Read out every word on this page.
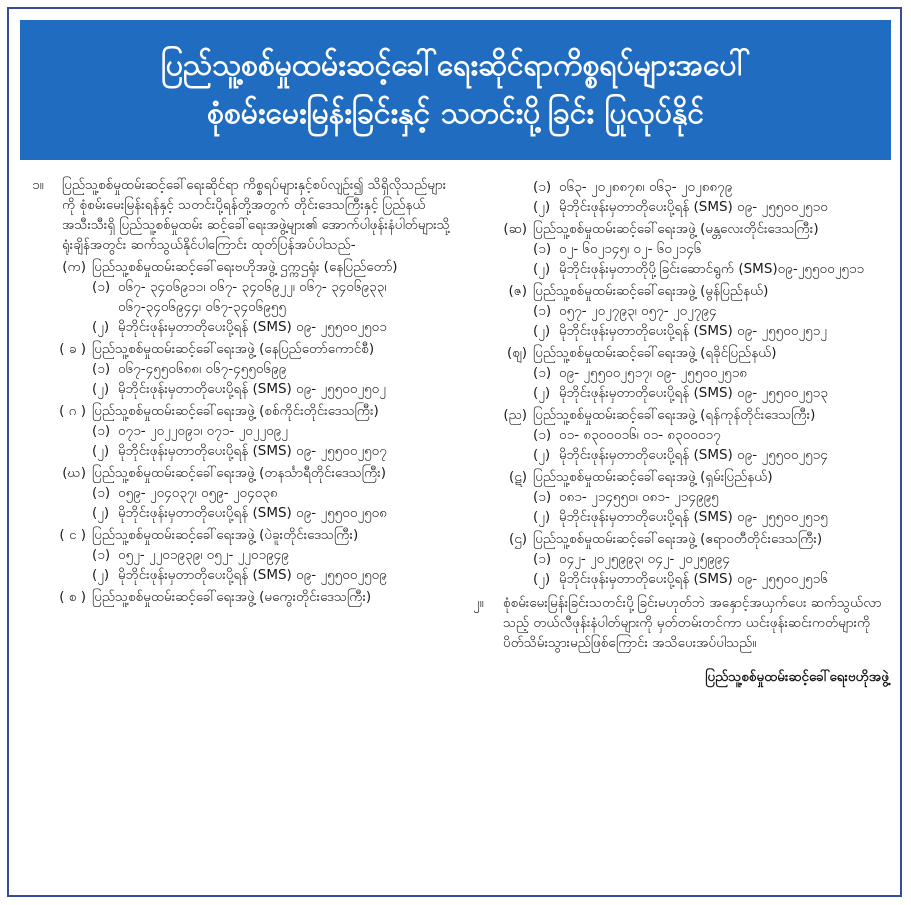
ပြည်သူ့စစ်မှုထမ်းဆင့်ခေါ်ရေးဆိုင်ရာကိစ္စရပ်များအပေါ်
စုံစမ်းမေးမြန်းခြင်းနှင့် သတင်းပို့ခြင်း ပြုလုပ်နိုင်
၁။ ပြည်သူ့စစ်မှုထမ်းဆင့်ခေါ်ရေးဆိုင်ရာ ကိစ္စရပ်များနှင့်စပ်လျဉ်း၍ သိရှိလိုသည်များကို စုံစမ်းမေးမြန်းရန်နှင့် သတင်းပို့ရန်တို့အတွက် တိုင်းဒေသကြီးနှင့် ပြည်နယ်အသီးသီးရှိ ပြည်သူ့စစ်မှုထမ်း ဆင့်ခေါ်ရေးအဖွဲ့များ၏ အောက်ပါဖုန်းနံပါတ်များသို့ ရုံးချိန်အတွင်း ဆက်သွယ်နိုင်ပါကြောင်း ထုတ်ပြန်အပ်ပါသည်-
(က) ပြည်သူ့စစ်မှုထမ်းဆင့်ခေါ်ရေးဗဟိုအဖွဲ့ ဌက္ကဌရုံး (နေပြည်တော်)
(၁) ၀၆၇- ၃၄၀၆၉၁၁၊ ၀၆၇- ၃၄၀၆၉၂၂၊ ၀၆၇- ၃၄၀၆၉၃၃၊ ၀၆၇-၃၄၀၆၉၄၄၊ ၀၆၇-၃၄၀၆၉၅၅
(၂) မိုဘိုင်းဖုန်းမှတာတိုပေးပို့ရန် (SMS) ၀၉- ၂၅၅၀၀၂၅၀၁
( ခ ) ပြည်သူ့စစ်မှုထမ်းဆင့်ခေါ်ရေးအဖွဲ့ (နေပြည်တော်ကောင်စီ)
(၁) ၀၆၇-၄၅၅၀၆၈၈၊ ၀၆၇-၄၅၅၀၆၉၉
(၂) မိုဘိုင်းဖုန်းမှတာတိုပေးပို့ရန် (SMS) ၀၉- ၂၅၅၀၀၂၅၀၂
( ဂ ) ပြည်သူ့စစ်မှုထမ်းဆင့်ခေါ်ရေးအဖွဲ့ (စစ်ကိုင်းတိုင်းဒေသကြီး)
(၁) ၀၇၁- ၂၀၂၂၀၉၁၊ ၀၇၁- ၂၀၂၂၀၉၂
(၂) မိုဘိုင်းဖုန်းမှတာတိုပေးပို့ရန် (SMS) ၀၉- ၂၅၅၀၀၂၅၀၇
(ဃ) ပြည်သူ့စစ်မှုထမ်းဆင့်ခေါ်ရေးအဖွဲ့ (တနင်္သာရီတိုင်းဒေသကြီး)
(၁) ၀၅၉- ၂၀၄၀၃၇၊ ၀၅၉- ၂၀၄၀၃၈
(၂) မိုဘိုင်းဖုန်းမှတာတိုပေးပို့ရန် (SMS) ၀၉- ၂၅၅၀၀၂၅၀၈
( င ) ပြည်သူ့စစ်မှုထမ်းဆင့်ခေါ်ရေးအဖွဲ့ (ပဲခူးတိုင်းဒေသကြီး)
(၁) ၀၅၂- ၂၂၀၁၉၃၉၊ ၀၅၂- ၂၂၀၁၉၄၉
(၂) မိုဘိုင်းဖုန်းမှတာတိုပေးပို့ရန် (SMS) ၀၉- ၂၅၅၀၀၂၅၀၉
( စ ) ပြည်သူ့စစ်မှုထမ်းဆင့်ခေါ်ရေးအဖွဲ့ (မကွေးတိုင်းဒေသကြီး)
(၁) ၀၆၃- ၂၀၂၈၈၇၈၊ ၀၆၃- ၂၀၂၈၈၇၉
(၂) မိုဘိုင်းဖုန်းမှတာတိုပေးပို့ရန် (SMS) ၀၉- ၂၅၅၀၀၂၅၁၀
(ဆ) ပြည်သူ့စစ်မှုထမ်းဆင့်ခေါ်ရေးအဖွဲ့ (မန္တလေးတိုင်းဒေသကြီး)
(၁) ၀၂- ၆၀၂၁၄၅၊ ၀၂- ၆၀၂၁၄၆
(၂) မိုဘိုင်းဖုန်းမှတာတိုပို့ခြင်းဆောင်ရွက် (SMS)၀၉-၂၅၅၀၀၂၅၁၁
(ဇ) ပြည်သူ့စစ်မှုထမ်းဆင့်ခေါ်ရေးအဖွဲ့ (မွန်ပြည်နယ်)
(၁) ၀၅၇- ၂၀၂၇၉၃၊ ၀၅၇- ၂၀၂၇၉၄
(၂) မိုဘိုင်းဖုန်းမှတာတိုပေးပို့ရန် (SMS) ၀၉- ၂၅၅၀၀၂၅၁၂
(ဈ) ပြည်သူ့စစ်မှုထမ်းဆင့်ခေါ်ရေးအဖွဲ့ (ရခိုင်ပြည်နယ်)
(၁) ၀၉- ၂၅၅၀၀၂၅၁၇၊ ၀၉- ၂၅၅၀၀၂၅၁၈
(၂) မိုဘိုင်းဖုန်းမှတာတိုပေးပို့ရန် (SMS) ၀၉- ၂၅၅၀၀၂၅၁၃
(ည) ပြည်သူ့စစ်မှုထမ်းဆင့်ခေါ်ရေးအဖွဲ့ (ရန်ကုန်တိုင်းဒေသကြီး)
(၁) ၀၁- ၈၃၀၀၀၁၆၊ ၀၁- ၈၃၀၀၀၁၇
(၂) မိုဘိုင်းဖုန်းမှတာတိုပေးပို့ရန် (SMS) ၀၉- ၂၅၅၀၀၂၅၁၄
(ဋ) ပြည်သူ့စစ်မှုထမ်းဆင့်ခေါ်ရေးအဖွဲ့ (ရှမ်းပြည်နယ်)
(၁) ၀၈၁- ၂၁၄၅၅၀၊ ၀၈၁- ၂၁၄၉၉၅
(၂) မိုဘိုင်းဖုန်းမှတာတိုပေးပို့ရန် (SMS) ၀၉- ၂၅၅၀၀၂၅၁၅
(ဌ) ပြည်သူ့စစ်မှုထမ်းဆင့်ခေါ်ရေးအဖွဲ့ (ဧရာဝတီတိုင်းဒေသကြီး)
(၁) ၀၄၂- ၂၀၂၅၉၉၃၊ ၀၄၂- ၂၀၂၅၉၉၄
(၂) မိုဘိုင်းဖုန်းမှတာတိုပေးပို့ရန် (SMS) ၀၉- ၂၅၅၀၀၂၅၁၆
၂။ စုံစမ်းမေးမြန်းခြင်းသတင်းပို့ခြင်းမဟုတ်ဘဲ အနှောင့်အယှက်ပေး ဆက်သွယ်လာသည့် တယ်လီဖုန်းနံပါတ်များကို မှတ်တမ်းတင်ကာ ယင်းဖုန်းဆင်းကတ်များကို ပိတ်သိမ်းသွားမည်ဖြစ်ကြောင်း အသိပေးအပ်ပါသည်။
ပြည်သူ့စစ်မှုထမ်းဆင့်ခေါ်ရေးဗဟိုအဖွဲ့
